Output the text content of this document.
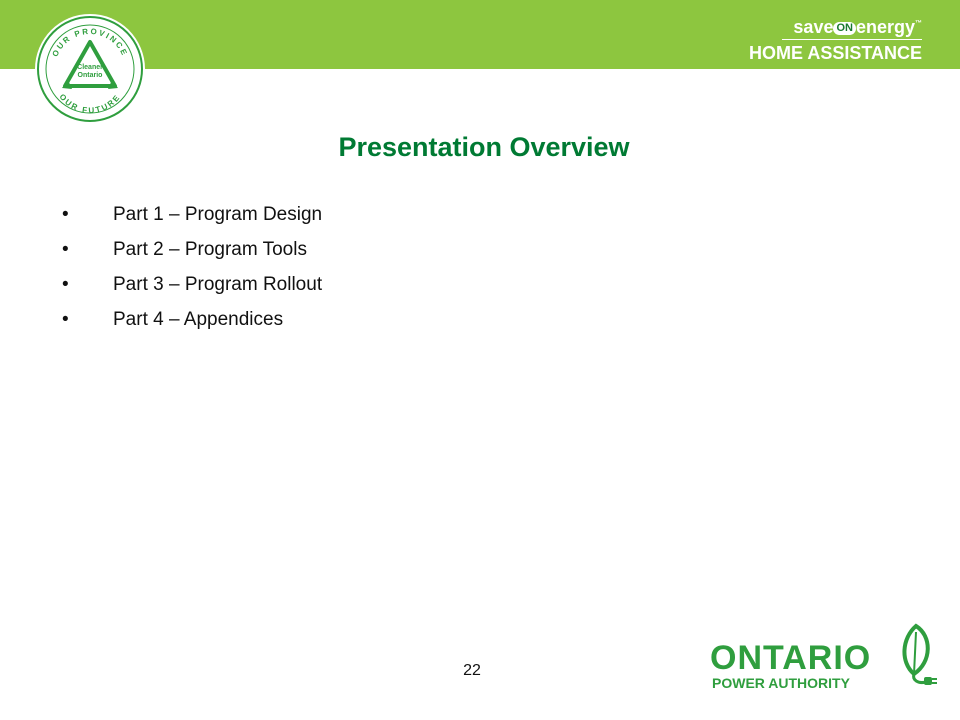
OUR PROVINCE
OUR FUTURE
Cleaner
Ontario
save ON energy™
HOME ASSISTANCE
Presentation Overview
•	Part 1 – Program Design
•	Part 2 – Program Tools
•	Part 3 – Program Rollout
•	Part 4 – Appendices
22	ONTARIO
POWER AUTHORITY
